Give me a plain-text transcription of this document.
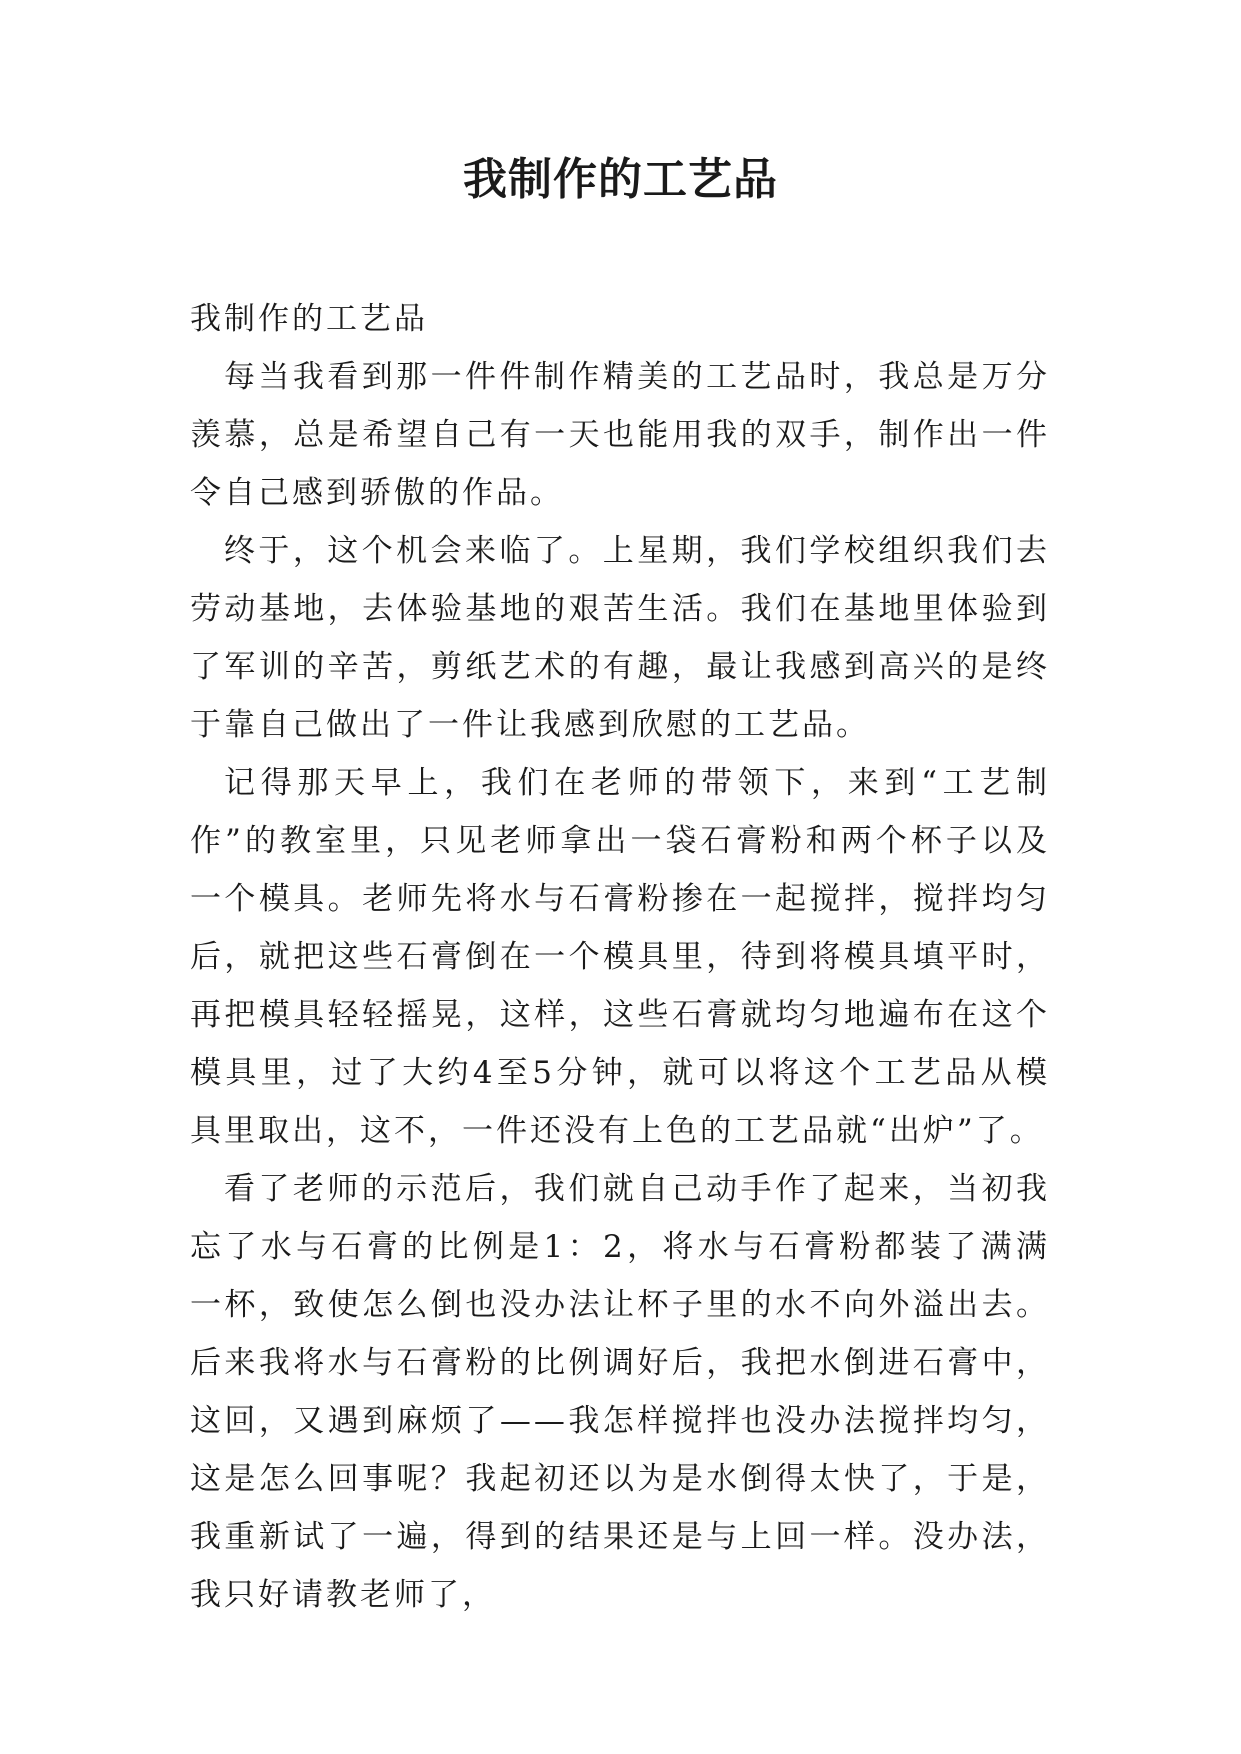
我制作的工艺品

我制作的工艺品

每当我看到那一件件制作精美的工艺品时，我总是万分羡慕，总是希望自己有一天也能用我的双手，制作出一件令自己感到骄傲的作品。

终于，这个机会来临了。上星期，我们学校组织我们去劳动基地，去体验基地的艰苦生活。我们在基地里体验到了军训的辛苦，剪纸艺术的有趣，最让我感到高兴的是终于靠自己做出了一件让我感到欣慰的工艺品。

记得那天早上，我们在老师的带领下，来到“工艺制作”的教室里，只见老师拿出一袋石膏粉和两个杯子以及一个模具。老师先将水与石膏粉掺在一起搅拌，搅拌均匀后，就把这些石膏倒在一个模具里，待到将模具填平时，再把模具轻轻摇晃，这样，这些石膏就均匀地遍布在这个模具里，过了大约4至5分钟，就可以将这个工艺品从模具里取出，这不，一件还没有上色的工艺品就“出炉”了。

看了老师的示范后，我们就自己动手作了起来，当初我忘了水与石膏的比例是1：2，将水与石膏粉都装了满满一杯，致使怎么倒也没办法让杯子里的水不向外溢出去。后来我将水与石膏粉的比例调好后，我把水倒进石膏中，这回，又遇到麻烦了——我怎样搅拌也没办法搅拌均匀，这是怎么回事呢？我起初还以为是水倒得太快了，于是，我重新试了一遍，得到的结果还是与上回一样。没办法，我只好请教老师了，
